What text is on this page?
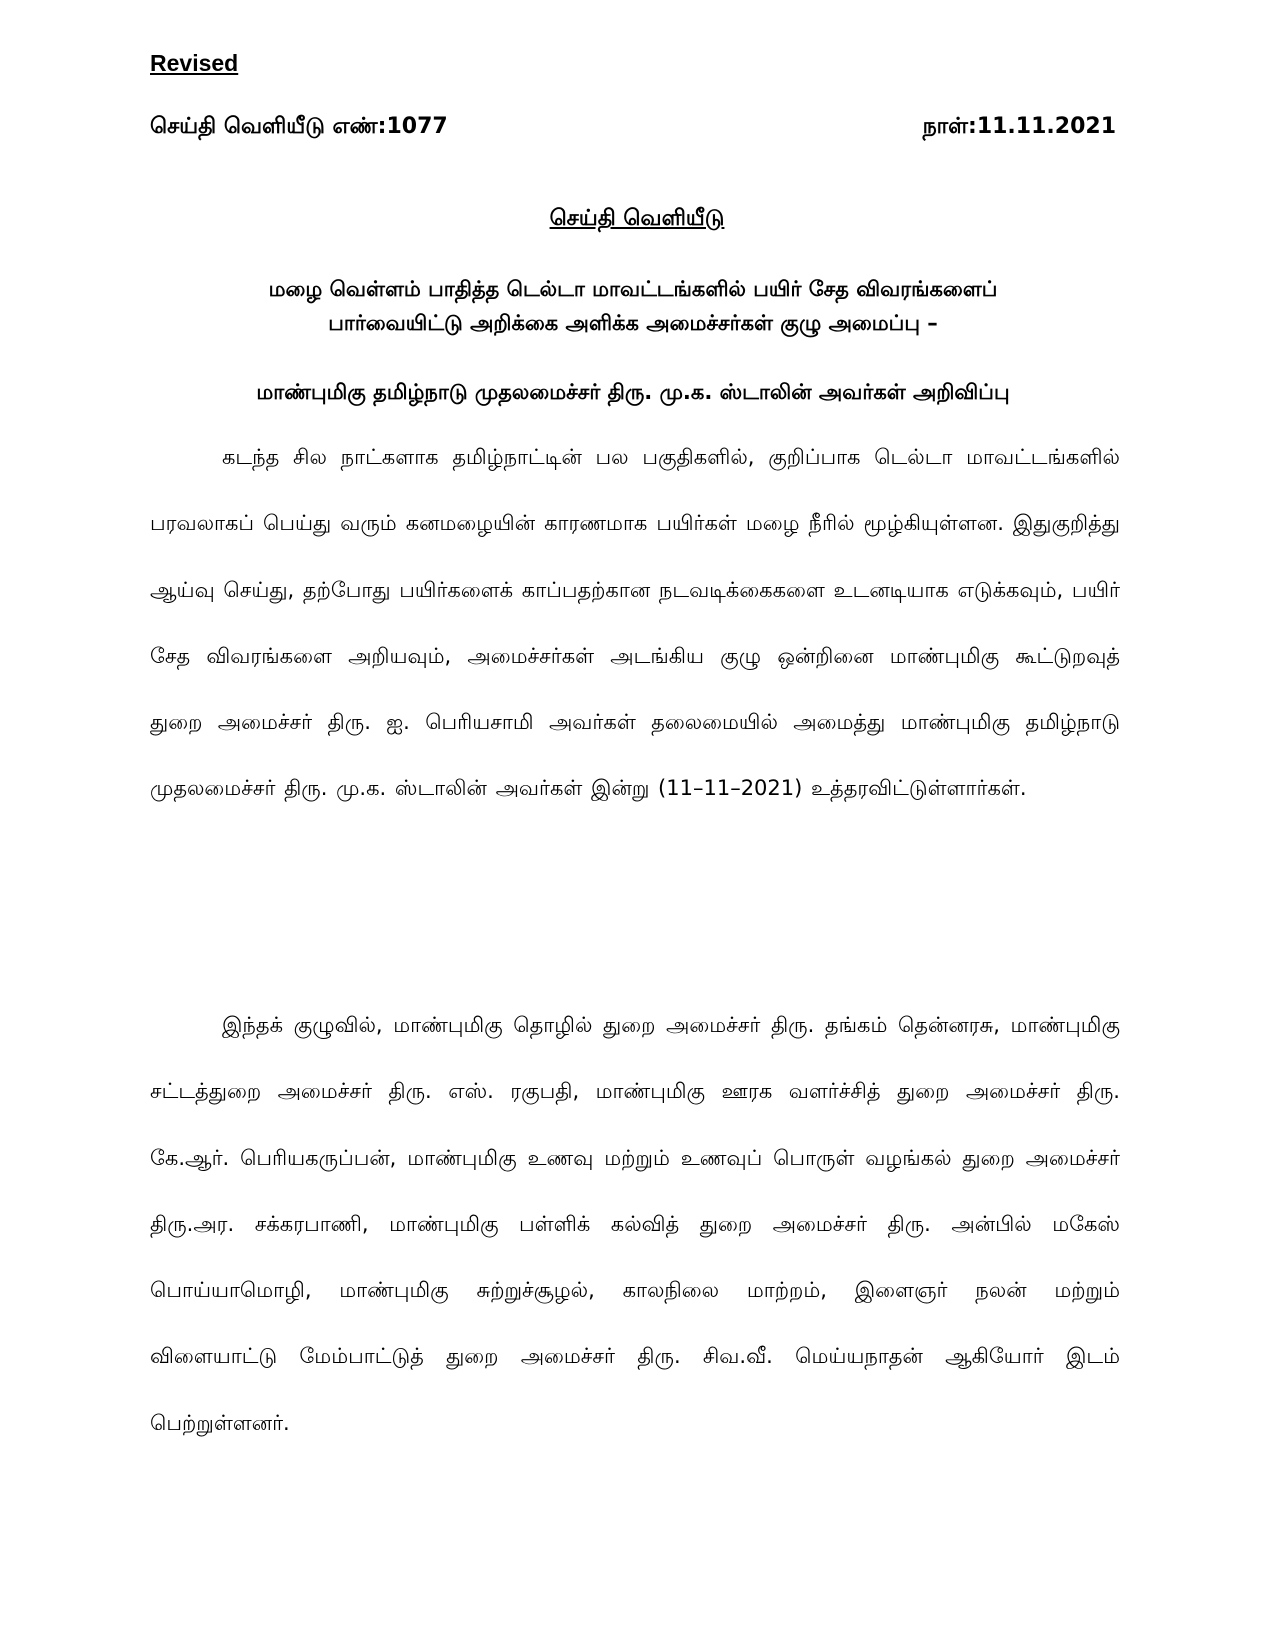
Revised
செய்தி வெளியீடு எண்:1077	நாள்:11.11.2021
செய்தி வெளியீடு
மழை வெள்ளம் பாதித்த டெல்டா மாவட்டங்களில் பயிர் சேத விவரங்களைப்
பார்வையிட்டு அறிக்கை அளிக்க அமைச்சர்கள் குழு அமைப்பு –
மாண்புமிகு தமிழ்நாடு முதலமைச்சர் திரு. மு.க. ஸ்டாலின் அவர்கள் அறிவிப்பு

கடந்த சில நாட்களாக தமிழ்நாட்டின் பல பகுதிகளில், குறிப்பாக டெல்டா மாவட்டங்களில் பரவலாகப் பெய்து வரும் கனமழையின் காரணமாக பயிர்கள் மழை நீரில் மூழ்கியுள்ளன. இதுகுறித்து ஆய்வு செய்து, தற்போது பயிர்களைக் காப்பதற்கான நடவடிக்கைகளை உடனடியாக எடுக்கவும், பயிர் சேத விவரங்களை அறியவும், அமைச்சர்கள் அடங்கிய குழு ஒன்றினை மாண்புமிகு கூட்டுறவுத் துறை அமைச்சர் திரு. ஐ. பெரியசாமி அவர்கள் தலைமையில் அமைத்து மாண்புமிகு தமிழ்நாடு முதலமைச்சர் திரு. மு.க. ஸ்டாலின் அவர்கள் இன்று (11–11–2021) உத்தரவிட்டுள்ளார்கள்.

இந்தக் குழுவில், மாண்புமிகு தொழில் துறை அமைச்சர் திரு. தங்கம் தென்னரசு, மாண்புமிகு சட்டத்துறை அமைச்சர் திரு. எஸ். ரகுபதி, மாண்புமிகு ஊரக வளர்ச்சித் துறை அமைச்சர் திரு. கே.ஆர். பெரியகருப்பன், மாண்புமிகு உணவு மற்றும் உணவுப் பொருள் வழங்கல் துறை அமைச்சர் திரு.அர. சக்கரபாணி, மாண்புமிகு பள்ளிக் கல்வித் துறை அமைச்சர் திரு. அன்பில் மகேஸ் பொய்யாமொழி, மாண்புமிகு சுற்றுச்சூழல், காலநிலை மாற்றம், இளைஞர் நலன் மற்றும் விளையாட்டு மேம்பாட்டுத் துறை அமைச்சர் திரு. சிவ.வீ. மெய்யநாதன் ஆகியோர் இடம் பெற்றுள்ளனர்.
